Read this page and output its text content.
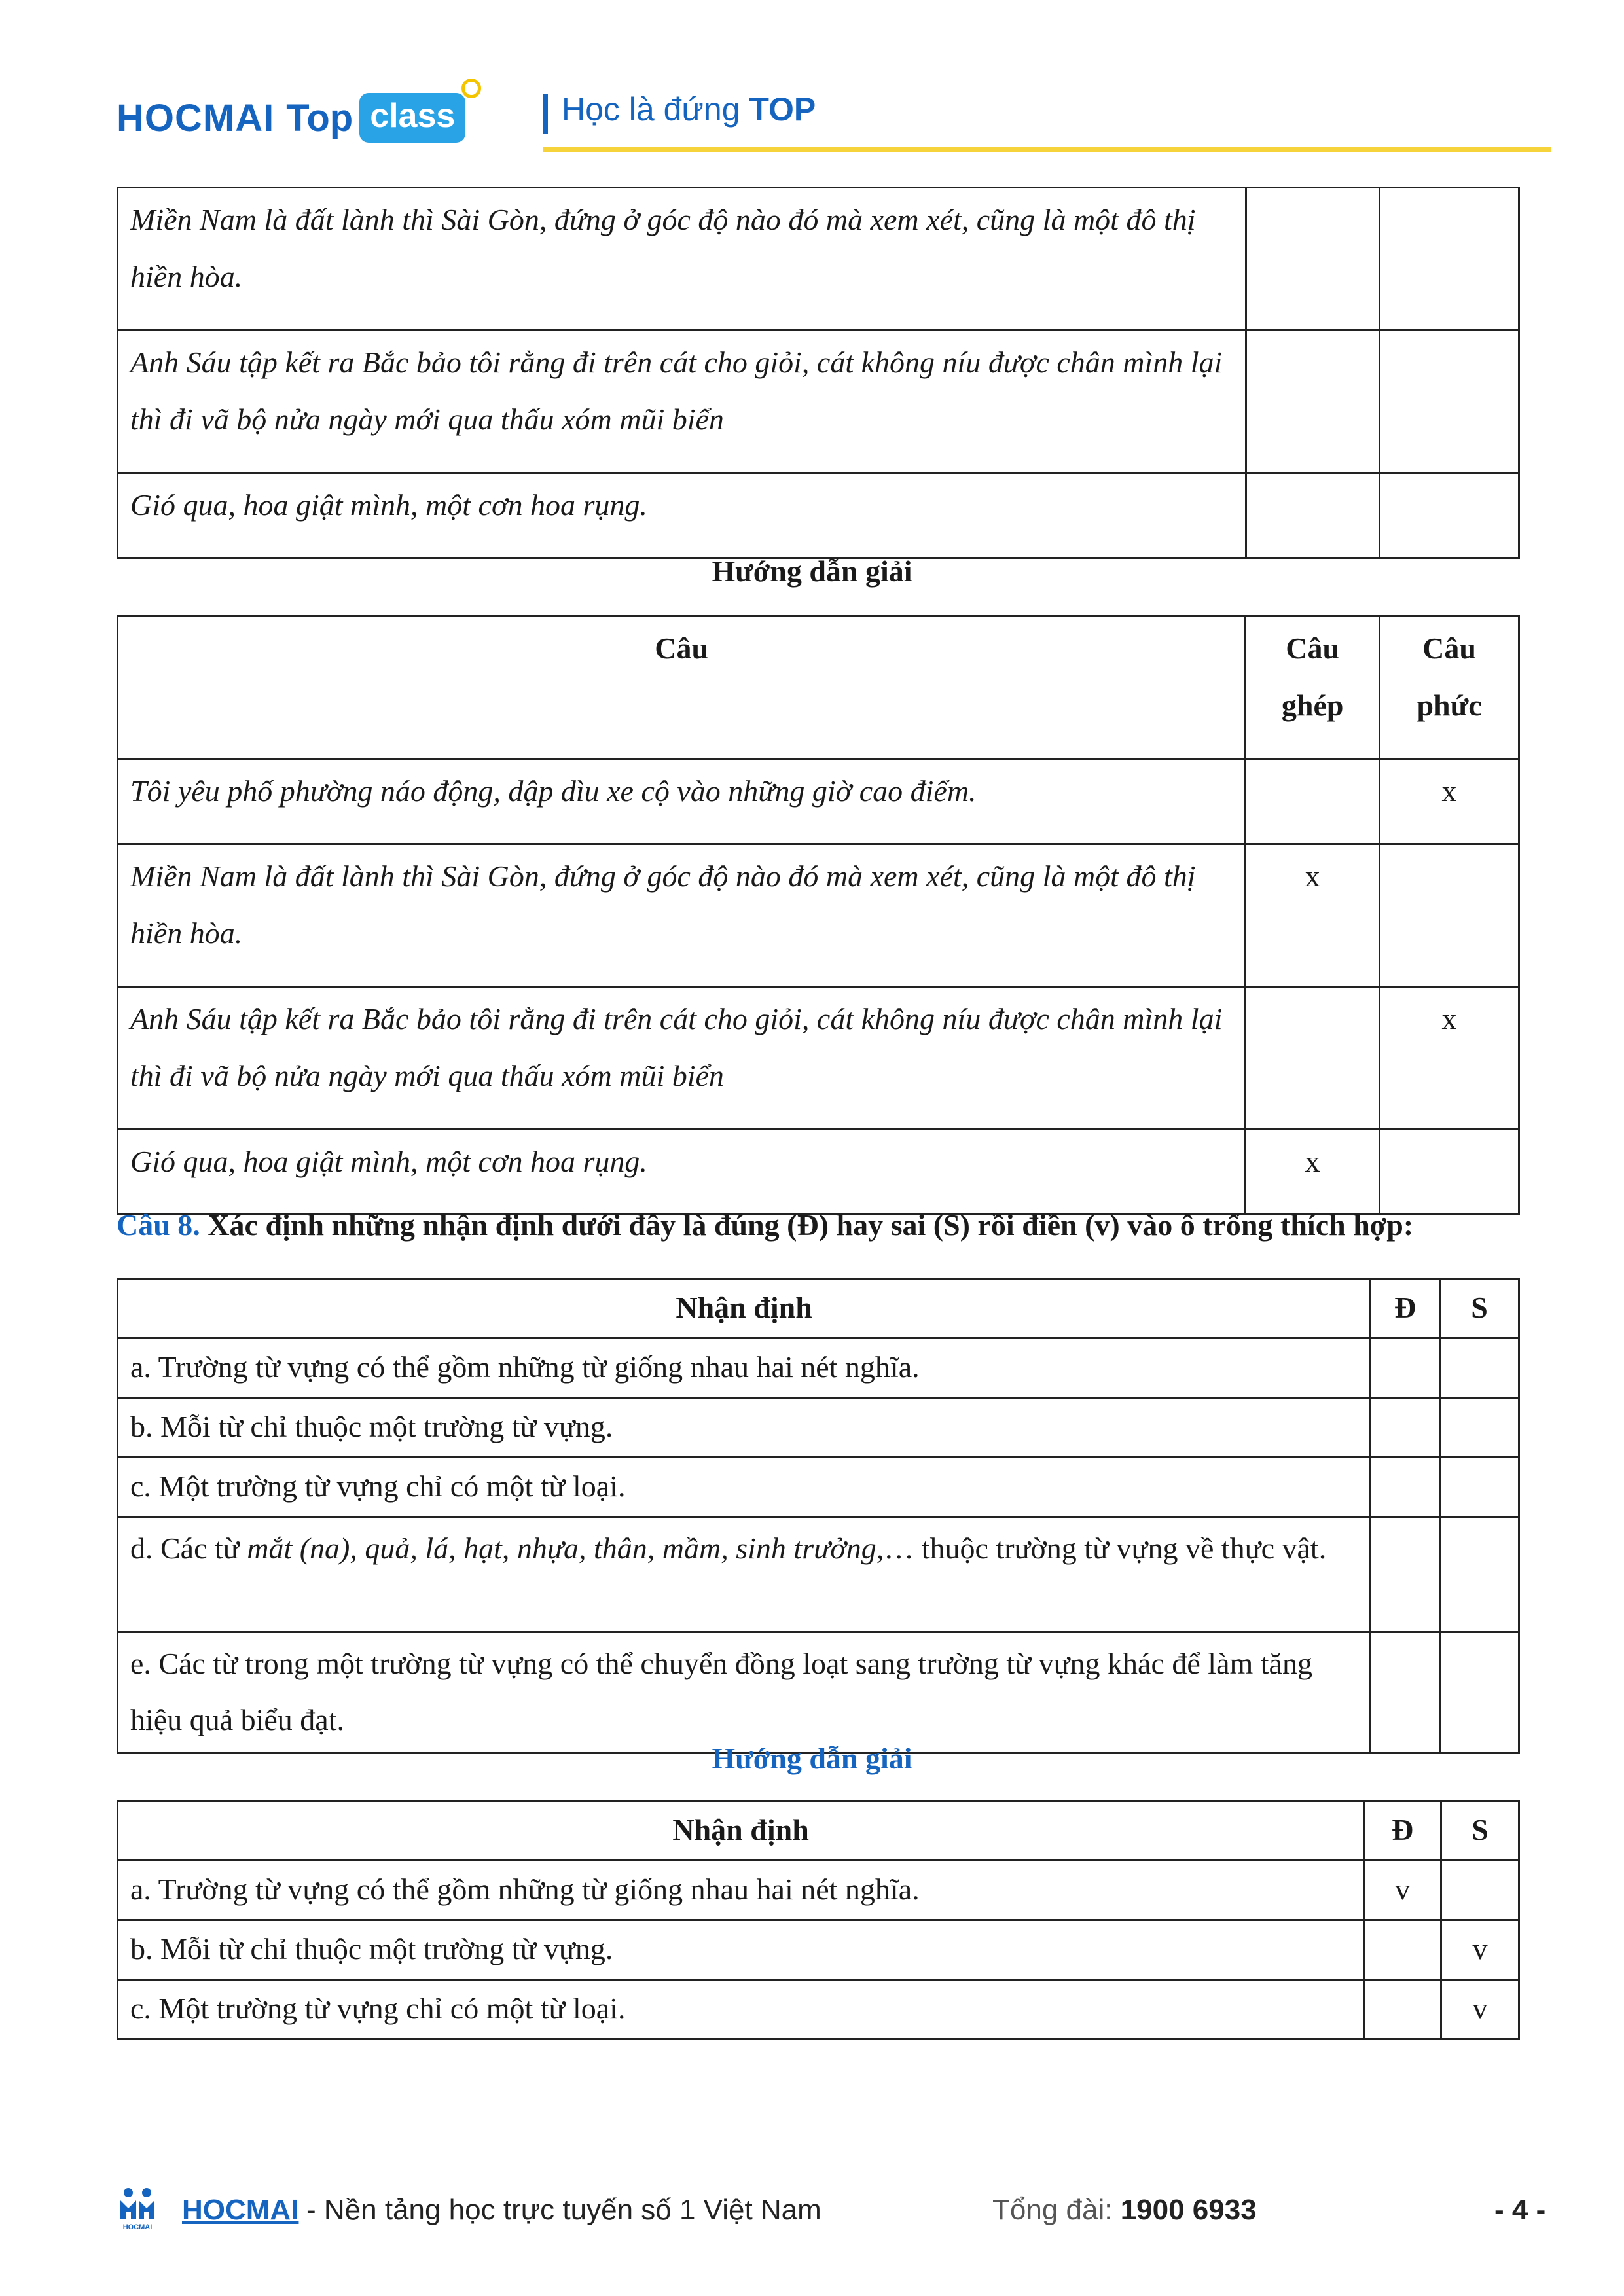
HOCMAI Top class	Học là đứng TOP
Miền Nam là đất lành thì Sài Gòn, đứng ở góc độ nào đó mà xem xét, cũng là một đô thị hiền hòa.		
Anh Sáu tập kết ra Bắc bảo tôi rằng đi trên cát cho giỏi, cát không níu được chân mình lại thì đi vã bộ nửa ngày mới qua thấu xóm mũi biển		
Gió qua, hoa giật mình, một cơn hoa rụng.		
Hướng dẫn giải
Câu	Câu ghép	Câu phức
Tôi yêu phố phường náo động, dập dìu xe cộ vào những giờ cao điểm.		x
Miền Nam là đất lành thì Sài Gòn, đứng ở góc độ nào đó mà xem xét, cũng là một đô thị hiền hòa.	x	
Anh Sáu tập kết ra Bắc bảo tôi rằng đi trên cát cho giỏi, cát không níu được chân mình lại thì đi vã bộ nửa ngày mới qua thấu xóm mũi biển		x
Gió qua, hoa giật mình, một cơn hoa rụng.	x	
Câu 8. Xác định những nhận định dưới đây là đúng (Đ) hay sai (S) rồi điền (v) vào ô trống thích hợp:
Nhận định	Đ	S
a. Trường từ vựng có thể gồm những từ giống nhau hai nét nghĩa.		
b. Mỗi từ chỉ thuộc một trường từ vựng.		
c. Một trường từ vựng chỉ có một từ loại.		
d. Các từ mắt (na), quả, lá, hạt, nhựa, thân, mầm, sinh trưởng,… thuộc trường từ vựng về thực vật.		
e. Các từ trong một trường từ vựng có thể chuyển đồng loạt sang trường từ vựng khác để làm tăng hiệu quả biểu đạt.		
Hướng dẫn giải
Nhận định	Đ	S
a. Trường từ vựng có thể gồm những từ giống nhau hai nét nghĩa.	v	
b. Mỗi từ chỉ thuộc một trường từ vựng.		v
c. Một trường từ vựng chỉ có một từ loại.		v
HOCMAI
HOCMAI - Nền tảng học trực tuyến số 1 Việt Nam	Tổng đài: 1900 6933	- 4 -
